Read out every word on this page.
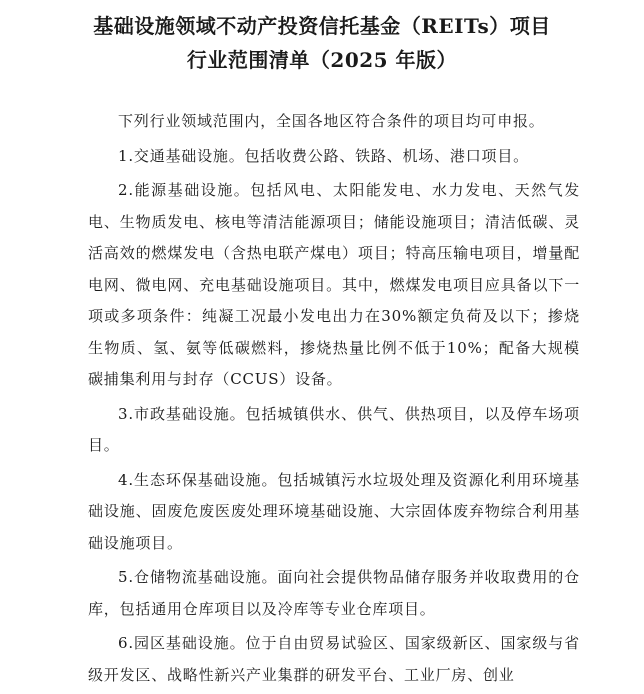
基础设施领域不动产投资信托基金（REITs）项目
行业范围清单（2025 年版）

下列行业领域范围内，全国各地区符合条件的项目均可申报。

1.交通基础设施。包括收费公路、铁路、机场、港口项目。

2.能源基础设施。包括风电、太阳能发电、水力发电、天然气发电、生物质发电、核电等清洁能源项目；储能设施项目；清洁低碳、灵活高效的燃煤发电（含热电联产煤电）项目；特高压输电项目，增量配电网、微电网、充电基础设施项目。其中，燃煤发电项目应具备以下一项或多项条件：纯凝工况最小发电出力在30%额定负荷及以下；掺烧生物质、氢、氨等低碳燃料，掺烧热量比例不低于10%；配备大规模碳捕集利用与封存（CCUS）设备。

3.市政基础设施。包括城镇供水、供气、供热项目，以及停车场项目。

4.生态环保基础设施。包括城镇污水垃圾处理及资源化利用环境基础设施、固废危废医废处理环境基础设施、大宗固体废弃物综合利用基础设施项目。

5.仓储物流基础设施。面向社会提供物品储存服务并收取费用的仓库，包括通用仓库项目以及冷库等专业仓库项目。

6.园区基础设施。位于自由贸易试验区、国家级新区、国家级与省级开发区、战略性新兴产业集群的研发平台、工业厂房、创业
